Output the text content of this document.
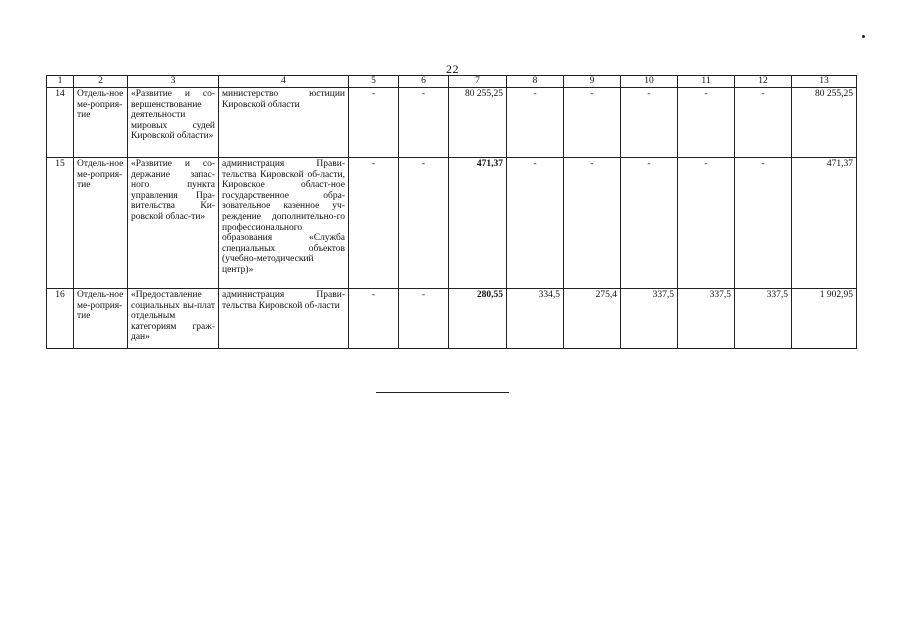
22
1	2	3	4	5	6	7	8	9	10	11	12	13
14	Отдель-ное ме-роприя-тие	«Развитие и со-вершенствование деятельности мировых судей Кировской области»	министерство юстиции Кировской области	-	-	80 255,25	-	-	-	-	-	80 255,25
15	Отдель-ное ме-роприя-тие	«Развитие и со-держание запас-ного пункта управления Пра-вительства Ки-ровской облас-ти»	администрация Прави-тельства Кировской об-ласти, Кировское област-ное государственное обра-зовательное казенное уч-реждение дополнительно-го профессионального образования «Служба специальных объектов (учебно-методический центр)»	-	-	471,37	-	-	-	-	-	471,37
16	Отдель-ное ме-роприя-тие	«Предоставление социальных вы-плат отдельным категориям граж-дан»	администрация Прави-тельства Кировской об-ласти	-	-	280,55	334,5	275,4	337,5	337,5	337,5	1 902,95
